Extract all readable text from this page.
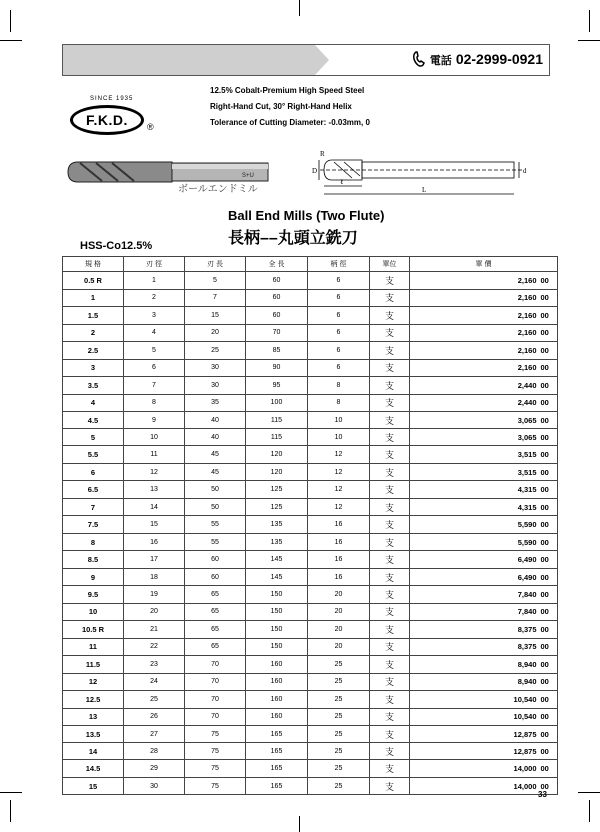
電話 02-2999-0921
SINCE 1935
F.K.D.	®
12.5% Cobalt-Premium High Speed Steel
Right-Hand Cut, 30° Right-Hand Helix
Tolerance of Cutting Diameter: -0.03mm, 0
S+U
R
D
ℓ
L
d
ボールエンドミル
Ball End Mills (Two Flute)
長柄––丸頭立銑刀
HSS-Co12.5%
規 格	刃 徑	刃 長	全 長	柄 徑	單位	單 價	
0.5 R	1	5	60	6	支	2,160	00
1	2	7	60	6	支	2,160	00
1.5	3	15	60	6	支	2,160	00
2	4	20	70	6	支	2,160	00
2.5	5	25	85	6	支	2,160	00
3	6	30	90	6	支	2,160	00
3.5	7	30	95	8	支	2,440	00
4	8	35	100	8	支	2,440	00
4.5	9	40	115	10	支	3,065	00
5	10	40	115	10	支	3,065	00
5.5	11	45	120	12	支	3,515	00
6	12	45	120	12	支	3,515	00
6.5	13	50	125	12	支	4,315	00
7	14	50	125	12	支	4,315	00
7.5	15	55	135	16	支	5,590	00
8	16	55	135	16	支	5,590	00
8.5	17	60	145	16	支	6,490	00
9	18	60	145	16	支	6,490	00
9.5	19	65	150	20	支	7,840	00
10	20	65	150	20	支	7,840	00
10.5 R	21	65	150	20	支	8,375	00
11	22	65	150	20	支	8,375	00
11.5	23	70	160	25	支	8,940	00
12	24	70	160	25	支	8,940	00
12.5	25	70	160	25	支	10,540	00
13	26	70	160	25	支	10,540	00
13.5	27	75	165	25	支	12,875	00
14	28	75	165	25	支	12,875	00
14.5	29	75	165	25	支	14,000	00
15	30	75	165	25	支	14,000	00
33
